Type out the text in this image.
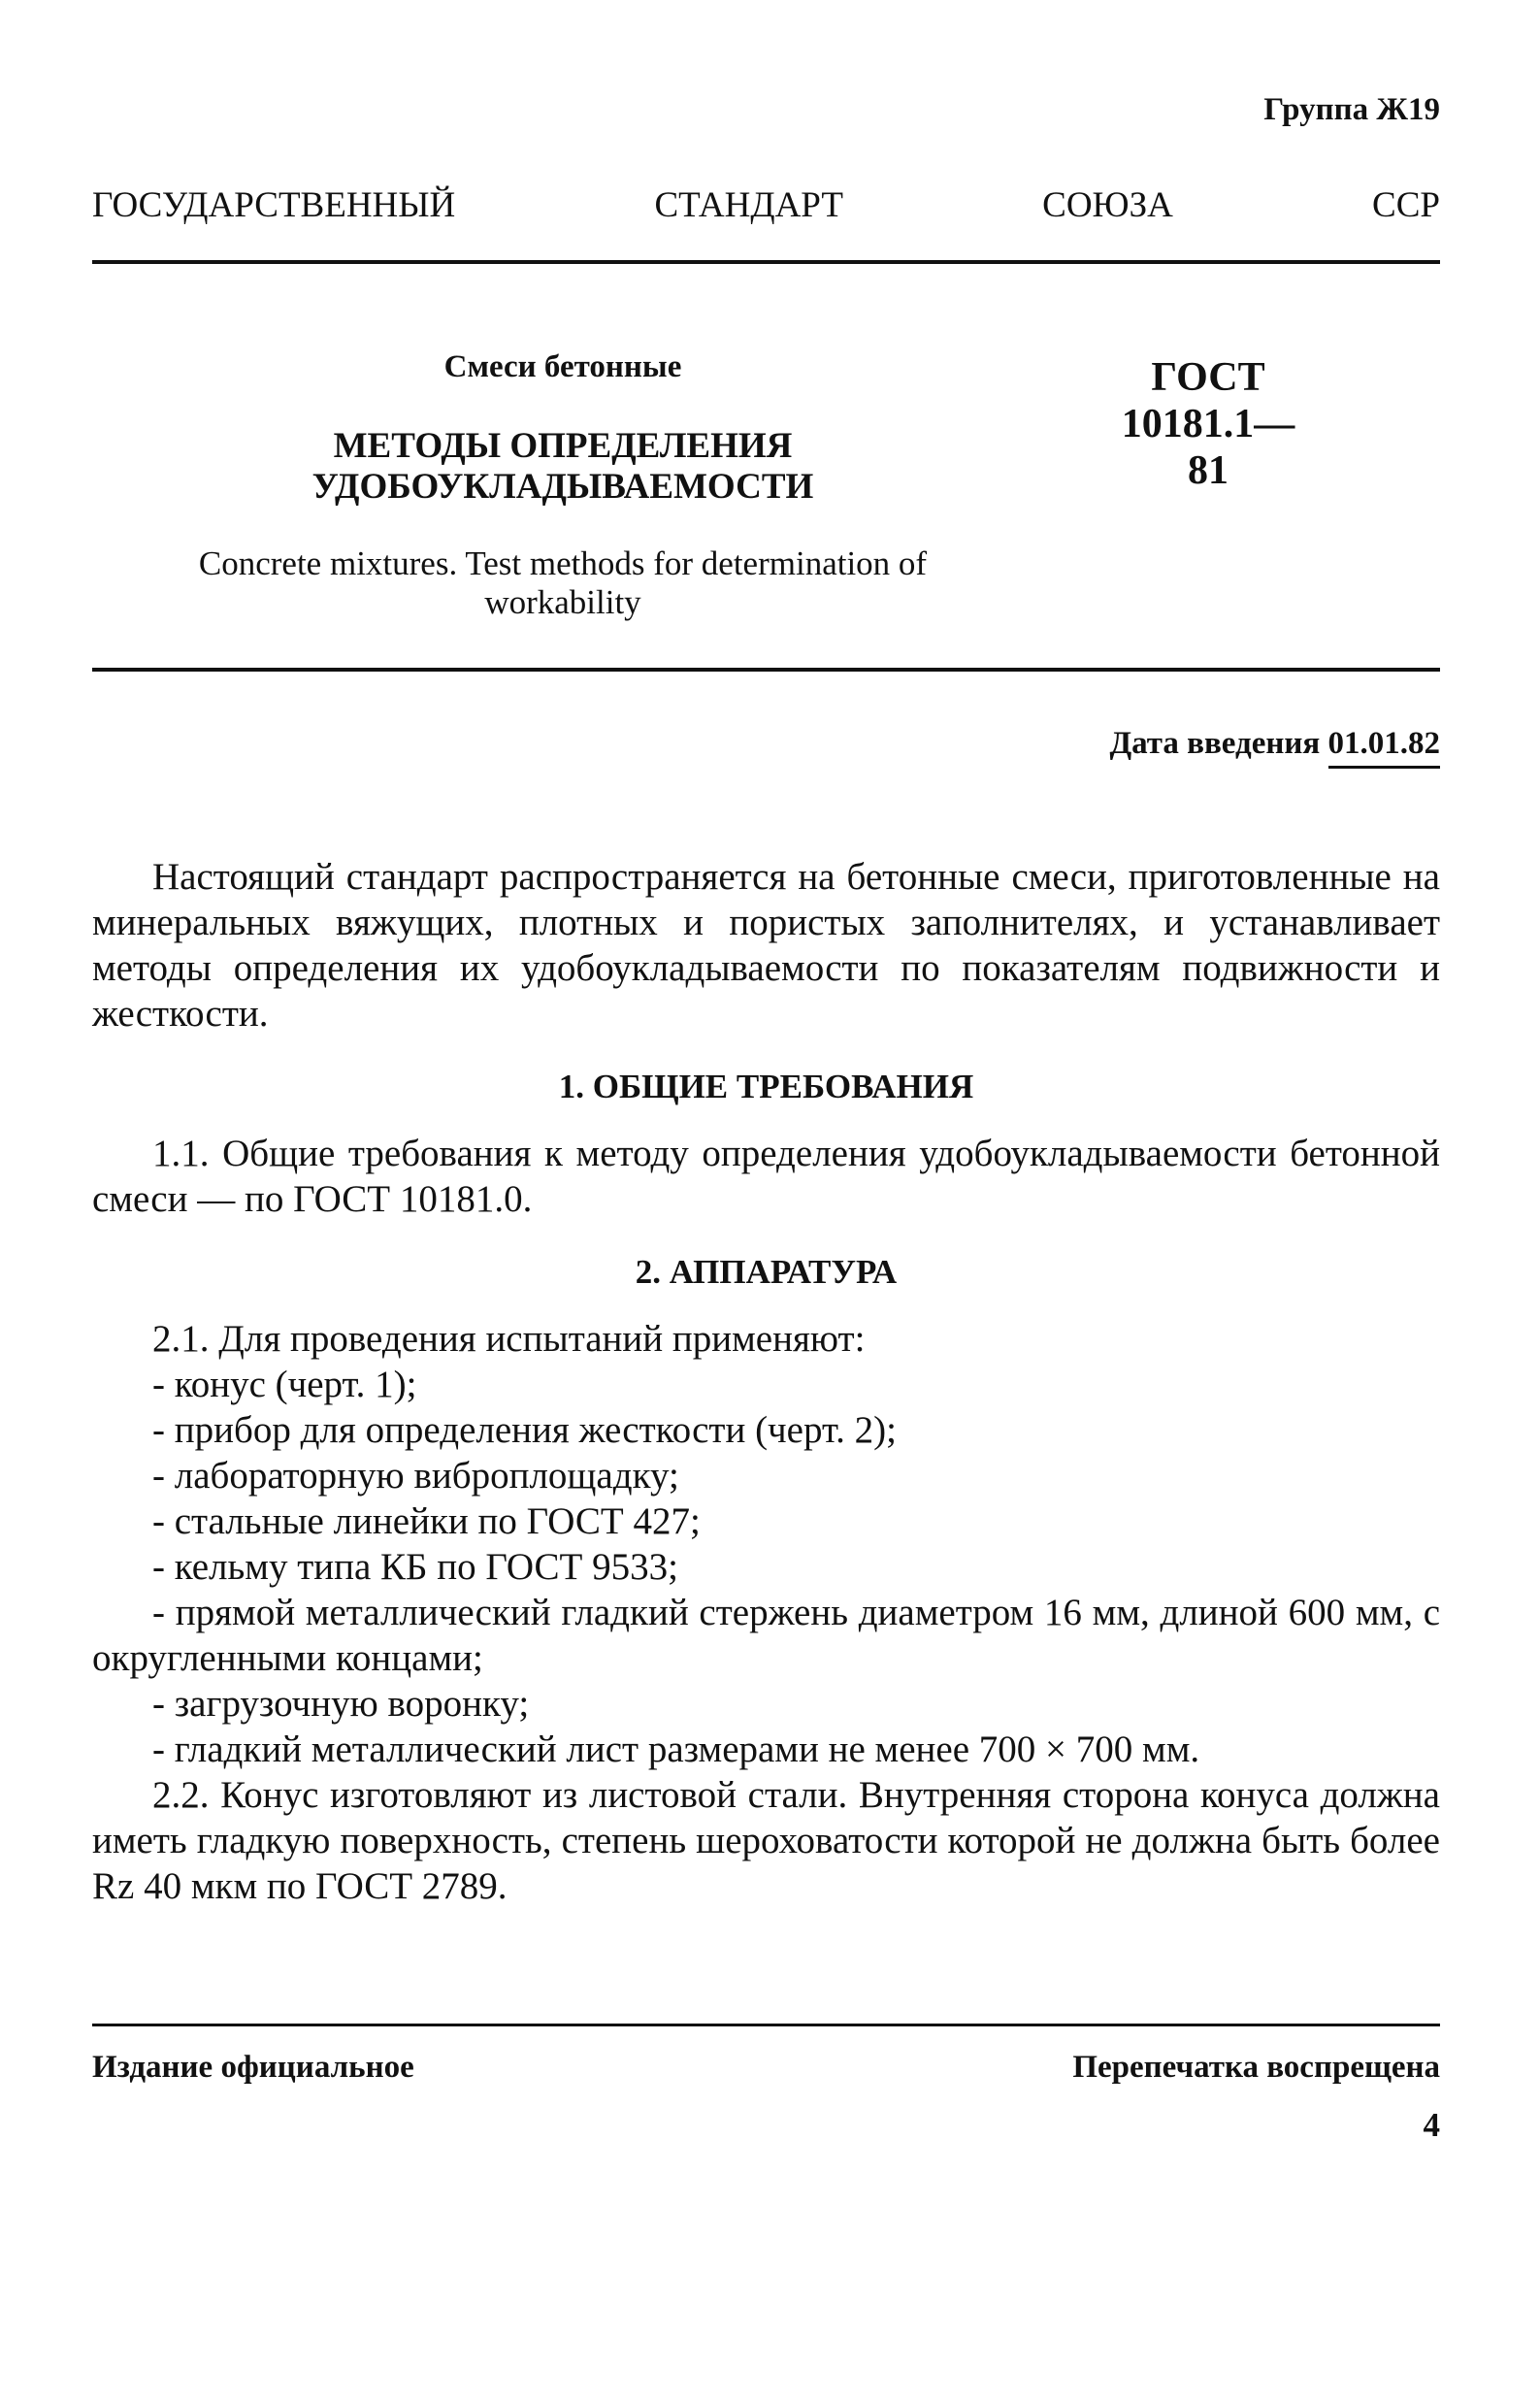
Группа Ж19
ГОСУДАРСТВЕННЫЙ	СТАНДАРТ	СОЮЗА	ССР
Смеси бетонные
МЕТОДЫ ОПРЕДЕЛЕНИЯ
УДОБОУКЛАДЫВАЕМОСТИ
Concrete mixtures. Test methods for determination of
workability
ГОСТ
10181.1—81
Дата введения 01.01.82

Настоящий стандарт распространяется на бетонные смеси, приготовленные на минеральных вяжущих, плотных и пористых заполнителях, и устанавливает методы определения их удобоукладываемости по показателям подвижности и жесткости.

1. ОБЩИЕ ТРЕБОВАНИЯ

1.1. Общие требования к методу определения удобоукладываемости бетонной смеси — по ГОСТ 10181.0.

2. АППАРАТУРА

2.1. Для проведения испытаний применяют:

- конус (черт. 1);

- прибор для определения жесткости (черт. 2);

- лабораторную виброплощадку;

- стальные линейки по ГОСТ 427;

- кельму типа КБ по ГОСТ 9533;

- прямой металлический гладкий стержень диаметром 16 мм, длиной 600 мм, с округленными концами;

- загрузочную воронку;

- гладкий металлический лист размерами не менее 700 × 700 мм.

2.2. Конус изготовляют из листовой стали. Внутренняя сторона конуса должна иметь гладкую поверхность, степень шероховатости которой не должна быть более Rz 40 мкм по ГОСТ 2789.

Издание официальное	Перепечатка воспрещена
4
